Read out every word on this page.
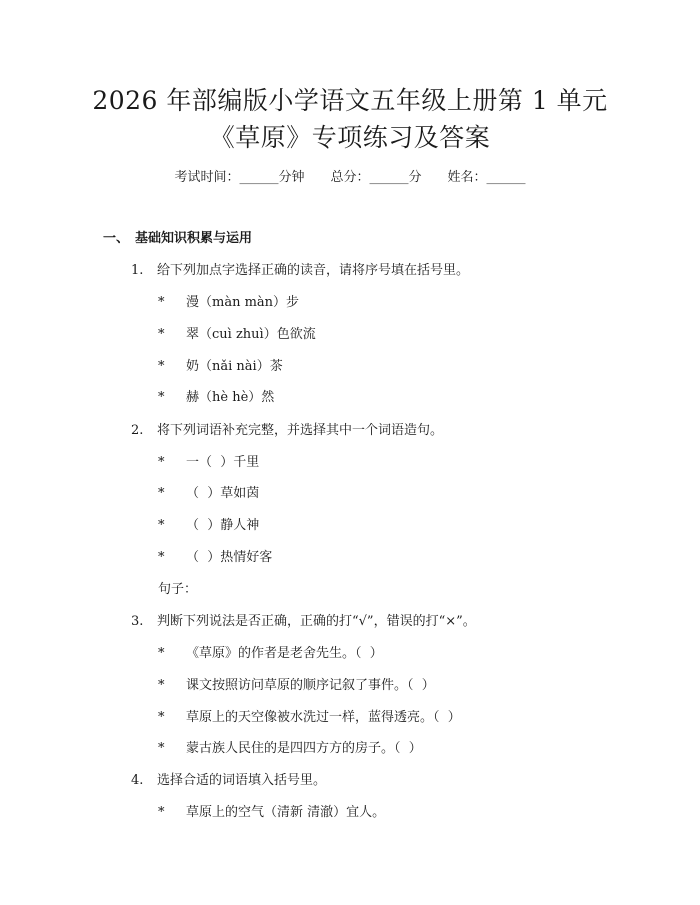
2026 年部编版小学语文五年级上册第 1 单元
《草原》专项练习及答案
考试时间：______分钟 总分：______分 姓名：______
一、 基础知识积累与运用
1. 给下列加点字选择正确的读音，请将序号填在括号里。
* 漫（màn màn）步
* 翠（cuì zhuì）色欲流
* 奶（nǎi nài）茶
* 赫（hè hè）然
2. 将下列词语补充完整，并选择其中一个词语造句。
* 一（  ）千里
* （  ）草如茵
* （  ）静人神
* （  ）热情好客
句子：
3. 判断下列说法是否正确，正确的打“√”，错误的打“×”。
* 《草原》的作者是老舍先生。（  ）
* 课文按照访问草原的顺序记叙了事件。（  ）
* 草原上的天空像被水洗过一样，蓝得透亮。（  ）
* 蒙古族人民住的是四四方方的房子。（  ）
4. 选择合适的词语填入括号里。
* 草原上的空气（清新 清澈）宜人。
